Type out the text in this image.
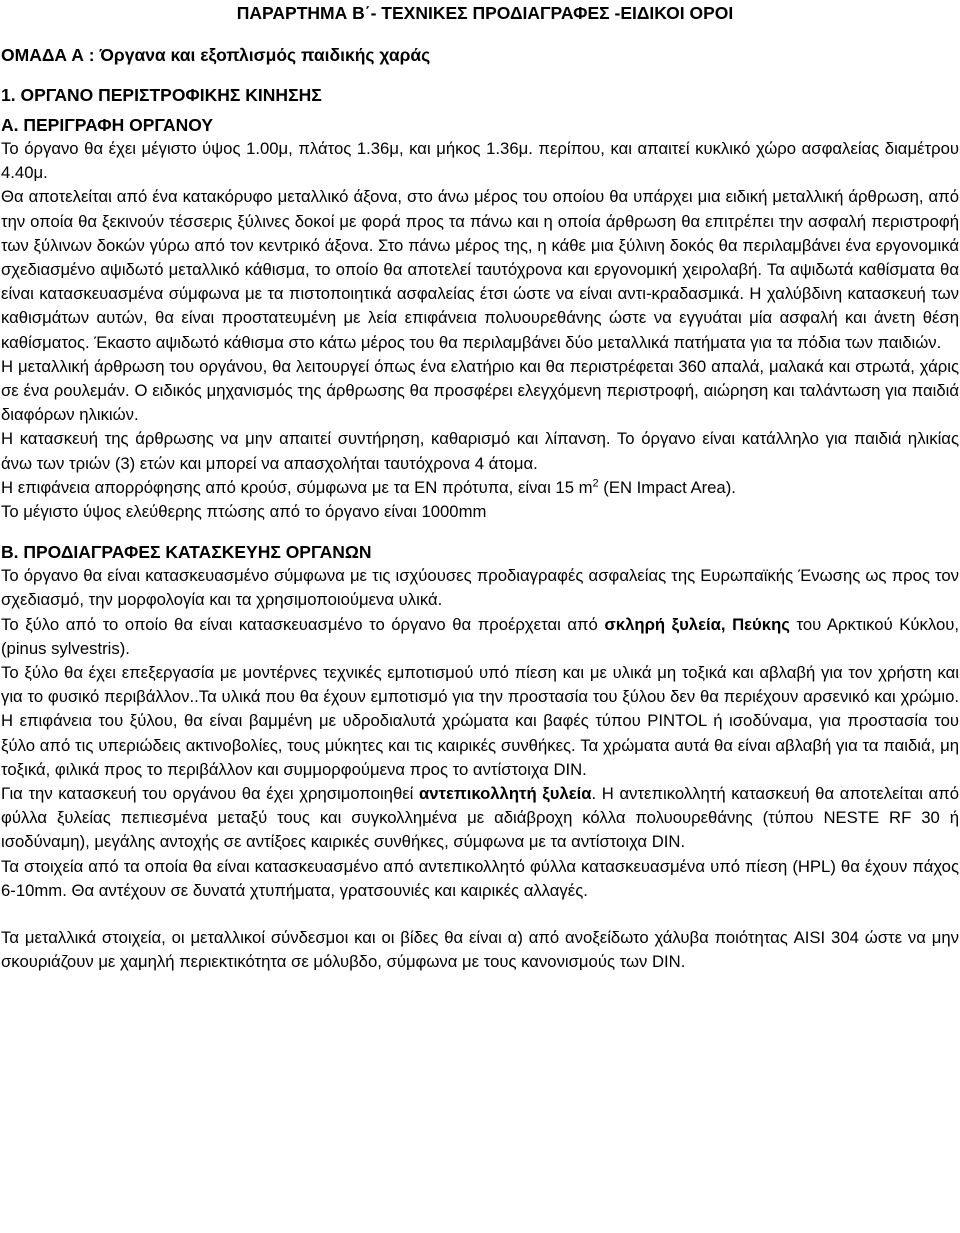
ΠΑΡΑΡΤΗΜΑ Β΄- ΤΕΧΝΙΚΕΣ ΠΡΟΔΙΑΓΡΑΦΕΣ -ΕΙΔΙΚΟΙ ΟΡΟΙ
ΟΜΑΔΑ Α : Όργανα και εξοπλισμός παιδικής χαράς
1. ΟΡΓΑΝΟ ΠΕΡΙΣΤΡΟΦΙΚΗΣ ΚΙΝΗΣΗΣ
Α. ΠΕΡΙΓΡΑΦΗ ΟΡΓΑΝΟΥ

Το όργανο θα έχει μέγιστο ύψος 1.00μ, πλάτος 1.36μ, και μήκος 1.36μ. περίπου, και απαιτεί κυκλικό χώρο ασφαλείας διαμέτρου 4.40μ.

Θα αποτελείται από ένα κατακόρυφο μεταλλικό άξονα, στο άνω μέρος του οποίου θα υπάρχει μια ειδική μεταλλική άρθρωση, από την οποία θα ξεκινούν τέσσερις ξύλινες δοκοί με φορά προς τα πάνω και η οποία άρθρωση θα επιτρέπει την ασφαλή περιστροφή των ξύλινων δοκών γύρω από τον κεντρικό άξονα. Στο πάνω μέρος της, η κάθε μια ξύλινη δοκός θα περιλαμβάνει ένα εργονομικά σχεδιασμένο αψιδωτό μεταλλικό κάθισμα, το οποίο θα αποτελεί ταυτόχρονα και εργονομική χειρολαβή. Τα αψιδωτά καθίσματα θα είναι κατασκευασμένα σύμφωνα με τα πιστοποιητικά ασφαλείας έτσι ώστε να είναι αντι-κραδασμικά. Η χαλύβδινη κατασκευή των καθισμάτων αυτών, θα είναι προστατευμένη με λεία επιφάνεια πολυουρεθάνης ώστε να εγγυάται μία ασφαλή και άνετη θέση καθίσματος. Έκαστο αψιδωτό κάθισμα στο κάτω μέρος του θα περιλαμβάνει δύο μεταλλικά πατήματα για τα πόδια των παιδιών.

Η μεταλλική άρθρωση του οργάνου, θα λειτουργεί όπως ένα ελατήριο και θα περιστρέφεται 360 απαλά, μαλακά και στρωτά, χάρις σε ένα ρουλεμάν. Ο ειδικός μηχανισμός της άρθρωσης θα προσφέρει ελεγχόμενη περιστροφή, αιώρηση και ταλάντωση για παιδιά διαφόρων ηλικιών.

Η κατασκευή της άρθρωσης να μην απαιτεί συντήρηση, καθαρισμό και λίπανση. Το όργανο είναι κατάλληλο για παιδιά ηλικίας άνω των τριών (3) ετών και μπορεί να απασχολήται ταυτόχρονα 4 άτομα.

Η επιφάνεια απορρόφησης από κρούσ, σύμφωνα με τα ΕΝ πρότυπα, είναι 15 $m^2$ (EN Impact Area).

Το μέγιστο ύψος ελεύθερης πτώσης από το όργανο είναι 1000mm

Β. ΠΡΟΔΙΑΓΡΑΦΕΣ ΚΑΤΑΣΚΕΥΗΣ ΟΡΓΑΝΩΝ

Το όργανο θα είναι κατασκευασμένο σύμφωνα με τις ισχύουσες προδιαγραφές ασφαλείας της Ευρωπαϊκής Ένωσης ως προς τον σχεδιασμό, την μορφολογία και τα χρησιμοποιούμενα υλικά.

Το ξύλο από το οποίο θα είναι κατασκευασμένο το όργανο θα προέρχεται από σκληρή ξυλεία, Πεύκης του Αρκτικού Κύκλου, (pinus sylvestris).

Το ξύλο θα έχει επεξεργασία με μοντέρνες τεχνικές εμποτισμού υπό πίεση και με υλικά μη τοξικά και αβλαβή για τον χρήστη και για το φυσικό περιβάλλον..Τα υλικά που θα έχουν εμποτισμό για την προστασία του ξύλου δεν θα περιέχουν αρσενικό και χρώμιο. Η επιφάνεια του ξύλου, θα είναι βαμμένη με υδροδιαλυτά χρώματα και βαφές τύπου PINTOL ή ισοδύναμα, για προστασία του ξύλο από τις υπεριώδεις ακτινοβολίες, τους μύκητες και τις καιρικές συνθήκες. Τα χρώματα αυτά θα είναι αβλαβή για τα παιδιά, μη τοξικά, φιλικά προς το περιβάλλον και συμμορφούμενα προς το αντίστοιχα DIN.

Για την κατασκευή του οργάνου θα έχει χρησιμοποιηθεί αντεπικολλητή ξυλεία. Η αντεπικολλητή κατασκευή θα αποτελείται από φύλλα ξυλείας πεπιεσμένα μεταξύ τους και συγκολλημένα με αδιάβροχη κόλλα πολυουρεθάνης (τύπου NESTE RF 30 ή ισοδύναμη), μεγάλης αντοχής σε αντίξοες καιρικές συνθήκες, σύμφωνα με τα αντίστοιχα DIN.

Τα στοιχεία από τα οποία θα είναι κατασκευασμένο από αντεπικολλητό φύλλα κατασκευασμένα υπό πίεση (HPL) θα έχουν πάχος 6-10mm. Θα αντέχουν σε δυνατά χτυπήματα, γρατσουνιές και καιρικές αλλαγές.

Τα μεταλλικά στοιχεία, οι μεταλλικοί σύνδεσμοι και οι βίδες θα είναι α) από ανοξείδωτο χάλυβα ποιότητας AISI 304 ώστε να μην σκουριάζουν με χαμηλή περιεκτικότητα σε μόλυβδο, σύμφωνα με τους κανονισμούς των DIN.
